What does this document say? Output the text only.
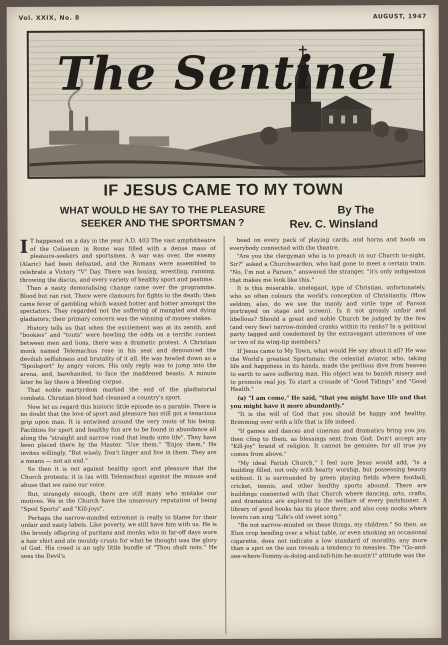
Vol. XXIX, No. 8	AUGUST, 1947
The Sentinel
IF JESUS CAME TO MY TOWN
WHAT WOULD HE SAY TO THE PLEASURE
SEEKER AND THE SPORTSMAN ?
By The
Rev. C. Winsland

I T happened on a day in the year A.D. 403 The vast amphitheatre of the Coliseum in Rome was filled with a dense mass of pleasure-seekers and sportsmen. A war was over, the enemy (Alaric) had been defeated, and the Romans were assembled to celebrate a Victory "V" Day. There was boxing, wrestling, running, throwing the discus, and every variety of healthy sport and pastime.

Then a nasty demoralising change came over the programme. Blood but ran riot. There were clamours for fights to the death; then came fever of gambling which waxed hotter and hotter amongst the spectators. They regarded not the suffering of mangled and dying gladiators; their primary concern was the winning of money stakes.

History tells us that when the excitement was at its zenith, and "bookies" and "touts" were howling the odds on a terrific contest between men and lions, there was a dramatic protest. A Christian monk named Telemachus rose in his seat and denounced the devilish selfishness and brutality of it all. He was howled down as a "Spoilsport" by angry voices. His only reply was to jump into the arena, and, barehanded, to face the maddened beasts. A minute later he lay there a bleeding corpse.

That noble martyrdom marked the end of the gladiatorial combats. Christian blood had cleansed a country's sport.

Now let us regard this historic little episode as a parable. There is no doubt that the love of sport and pleasure has still got a tenacious grip upon man. It is entwined around the very roots of his being. Facilities for sport and healthy fun are to be found in abundance all along the "straight and narrow road that leads unto life". They have been placed there by the Master. "Use them," "Enjoy them," He invites willingly. "But wisely. Don't linger and live in them. They are a means — not an end."

So then it is not against healthy sport and pleasure that the Church protests; it is (as with Telemachus) against the misuse and abuse that we raise our voice.

But, strangely enough, there are still many who mistake our motives. We in the Church have the unsavoury reputation of being "Spoil Sports" and "Kill-joys".

Perhaps the narrow-minded extremist is really to blame for their unfair and nasty labels. Like poverty, we still have him with us. He is the broody offspring of puritans and monks who in far-off days wore a hair shirt and ate mouldy crusts for what he thought was the glory of God. His creed is an ugly little bundle of "Thou shalt nots." He sees the Devil's

head on every pack of playing cards, and horns and hoofs on everybody connected with the theatre.

"Are you the clergyman who is to preach in our Church to-night, Sir?" asked a Churchwarden, who had gone to meet a certain train. "No, I'm not a Parson," answered the stranger, "it's only indigestion that makes me look like this."

It is this miserable, unelegant, type of Christian, unfortunately, who so often colours the world's conception of Christianity. (How seldom, also, do we see the manly and virile type of Parson portrayed on stage and screen). Is it not grossly unfair and libellous? Should a great and noble Church be judged by the few (and very few) narrow-minded cranks within its ranks? In a political party tagged and condemned by the extravagant utterances of one or two of its wing-tip members?

If Jesus came to My Town, what would He say about it all? He was the World's greatest Sportsman; the celestial aviator, who, taking life and happiness in its hands, made the perilous dive from heaven to earth to save suffering man. His object was to banish misery and to promote real joy. To start a crusade of "Good Tidings" and "Good Health."

(a) "I am come," He said, "that you might have life and that you might have it more abundantly."

"It is the will of God that you should be happy and healthy. Brimming over with a life that is life indeed.

"If games and dances and cinemas and dramatics bring you joy, then cling to them, as blessings sent from God. Don't accept any "Kill-joy" brand of religion. It cannot be genuine; for all true joy comes from above."

"My ideal Parish Church," I feel sure Jesus would add, "is a building filled, not only with hearty worship, but possessing beauty without. It is surrounded by green playing fields where football, cricket, tennis, and other healthy sports abound. There are buildings connected with that Church where dancing, arts, crafts, and dramatics are explored to the welfare of every parishioner. A library of good books has its place there, and also cosy nooks where lovers can sing "Life's old sweet song."

"Be not narrow-minded on these things, my children." So then, an Elon crop bending over a whist table, or even smoking an occasional cigarette, does not indicate a low standard of morality, any more than a spot on the sun reveals a tendency to measles. The "Go-and-see-where-Tommy-is-doing-and-tell-him-he-mustn't" attitude was the
